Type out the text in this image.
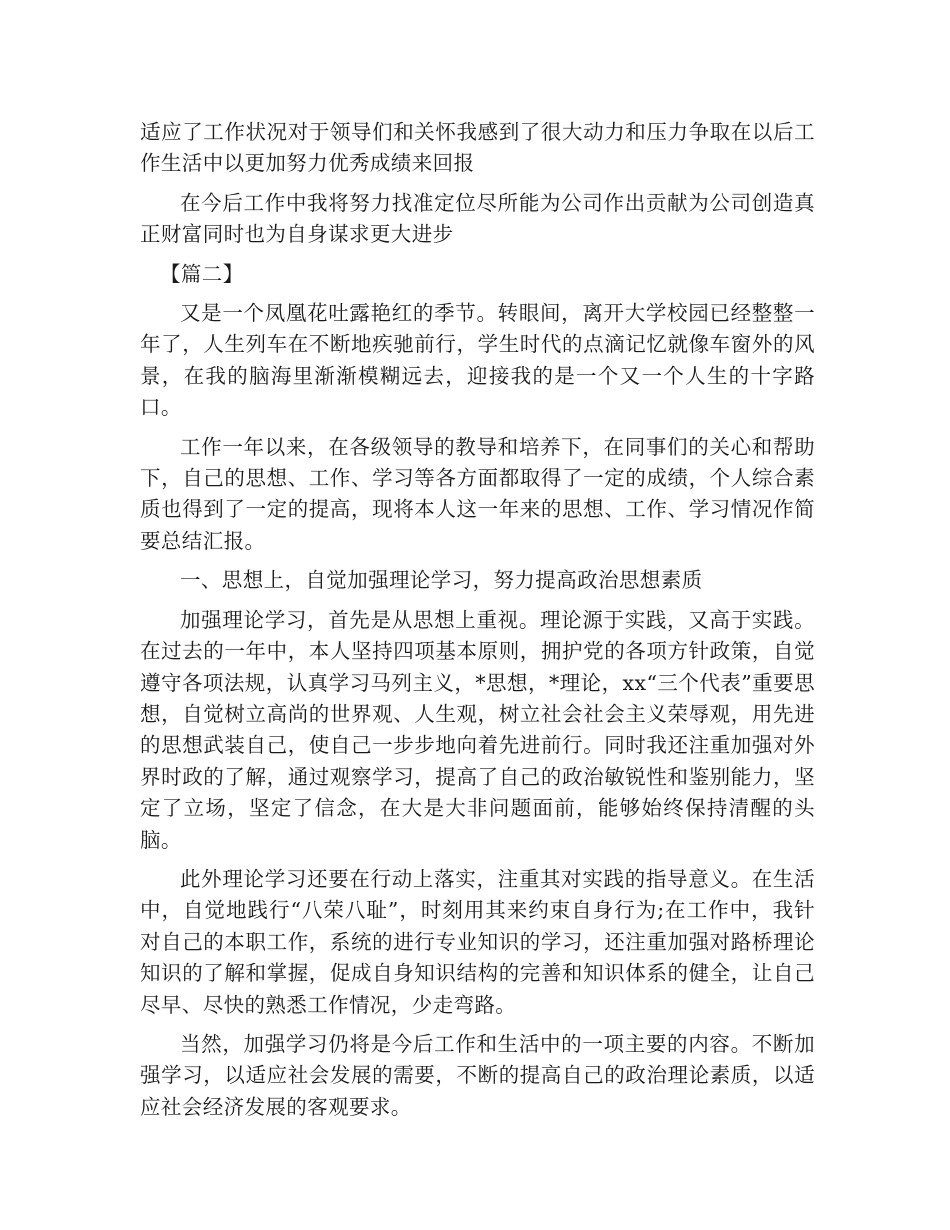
适应了工作状况对于领导们和关怀我感到了很大动力和压力争取在以后工作生活中以更加努力优秀成绩来回报

在今后工作中我将努力找准定位尽所能为公司作出贡献为公司创造真正财富同时也为自身谋求更大进步

【篇二】

又是一个凤凰花吐露艳红的季节。转眼间，离开大学校园已经整整一年了，人生列车在不断地疾驰前行，学生时代的点滴记忆就像车窗外的风景，在我的脑海里渐渐模糊远去，迎接我的是一个又一个人生的十字路口。

工作一年以来，在各级领导的教导和培养下，在同事们的关心和帮助下，自己的思想、工作、学习等各方面都取得了一定的成绩，个人综合素质也得到了一定的提高，现将本人这一年来的思想、工作、学习情况作简要总结汇报。

一、思想上，自觉加强理论学习，努力提高政治思想素质

加强理论学习，首先是从思想上重视。理论源于实践，又高于实践。在过去的一年中，本人坚持四项基本原则，拥护党的各项方针政策，自觉遵守各项法规，认真学习马列主义，*思想，*理论，xx“三个代表”重要思想，自觉树立高尚的世界观、人生观，树立社会社会主义荣辱观，用先进的思想武装自己，使自己一步步地向着先进前行。同时我还注重加强对外界时政的了解，通过观察学习，提高了自己的政治敏锐性和鉴别能力，坚定了立场，坚定了信念，在大是大非问题面前，能够始终保持清醒的头脑。

此外理论学习还要在行动上落实，注重其对实践的指导意义。在生活中，自觉地践行“八荣八耻”，时刻用其来约束自身行为;在工作中，我针对自己的本职工作，系统的进行专业知识的学习，还注重加强对路桥理论知识的了解和掌握，促成自身知识结构的完善和知识体系的健全，让自己尽早、尽快的熟悉工作情况，少走弯路。

当然，加强学习仍将是今后工作和生活中的一项主要的内容。不断加强学习，以适应社会发展的需要，不断的提高自己的政治理论素质，以适应社会经济发展的客观要求。
